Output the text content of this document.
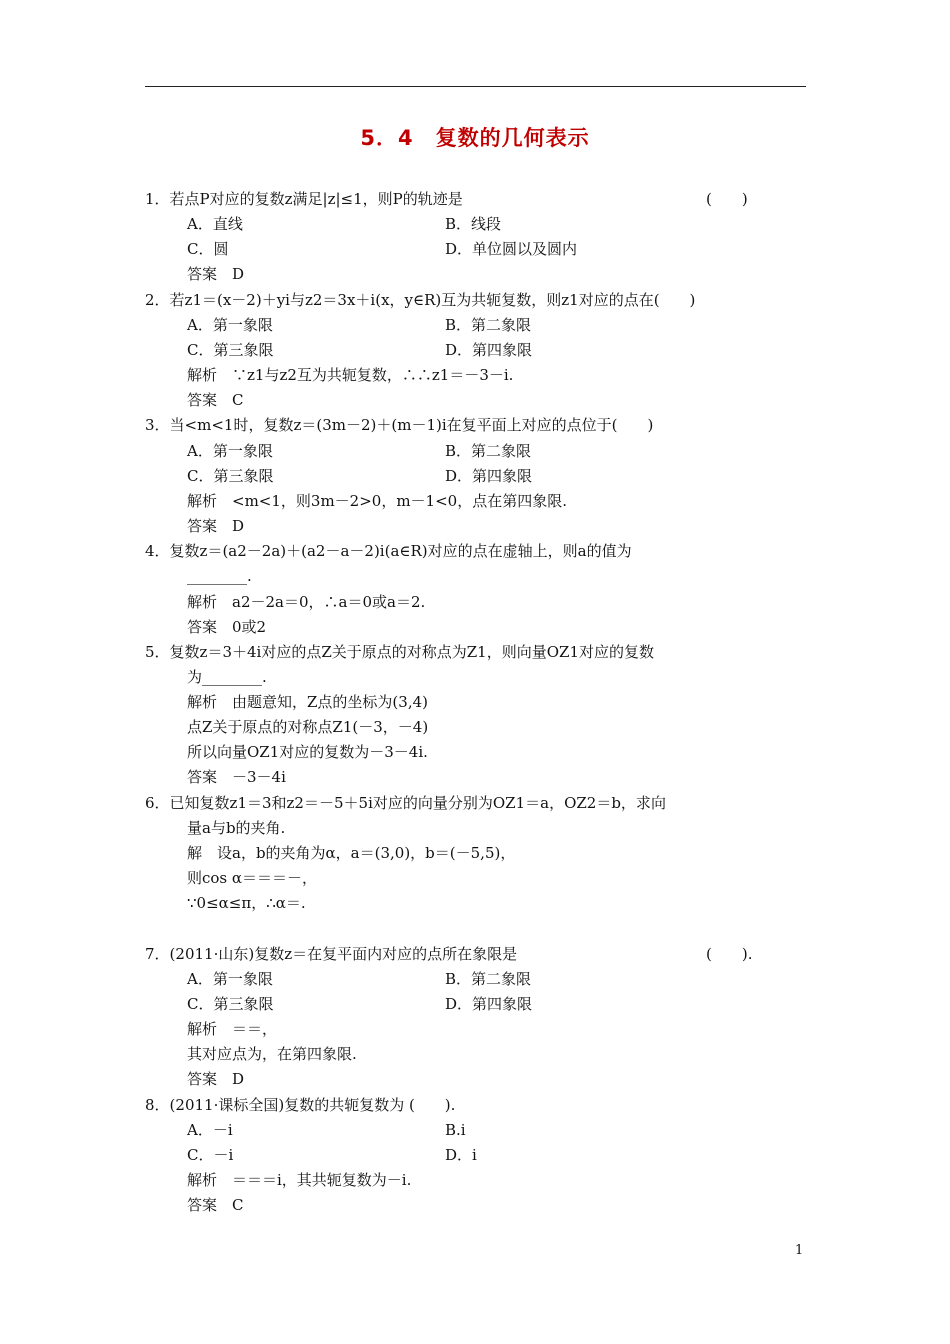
5．4　复数的几何表示
1．若点P对应的复数z满足|z|≤1，则P的轨迹是	(　　)
A．直线	B．线段
C．圆	D．单位圆以及圆内
答案　D
2．若z1＝(x－2)＋yi与z2＝3x＋i(x，y∈R)互为共轭复数，则z1对应的点在(　　)
A．第一象限	B．第二象限
C．第三象限	D．第四象限
解析　∵z1与z2互为共轭复数，∴∴z1＝－3－i.
答案　C
3．当<m<1时，复数z＝(3m－2)＋(m－1)i在复平面上对应的点位于(　　)
A．第一象限	B．第二象限
C．第三象限	D．第四象限
解析　<m<1，则3m－2>0，m－1<0，点在第四象限.
答案　D
4．复数z＝(a2－2a)＋(a2－a－2)i(a∈R)对应的点在虚轴上，则a的值为
________.
解析　a2－2a＝0，∴a＝0或a＝2.
答案　0或2
5．复数z＝3＋4i对应的点Z关于原点的对称点为Z1，则向量OZ1对应的复数
为________.
解析　由题意知，Z点的坐标为(3,4)
点Z关于原点的对称点Z1(－3，－4)
所以向量OZ1对应的复数为－3－4i.
答案　－3－4i
6．已知复数z1＝3和z2＝－5＋5i对应的向量分别为OZ1＝a，OZ2＝b，求向
量a与b的夹角.
解　设a，b的夹角为α，a＝(3,0)，b＝(－5,5)，
则cos α＝＝＝－，
∵0≤α≤π，∴α＝.
7．(2011·山东)复数z＝在复平面内对应的点所在象限是	(　　).
A．第一象限	B．第二象限
C．第三象限	D．第四象限
解析　＝＝，
其对应点为，在第四象限.
答案　D
8．(2011·课标全国)复数的共轭复数为 (　　).
A．－i	B.i
C．－i	D．i
解析　＝＝＝i，其共轭复数为－i.
答案　C
1
